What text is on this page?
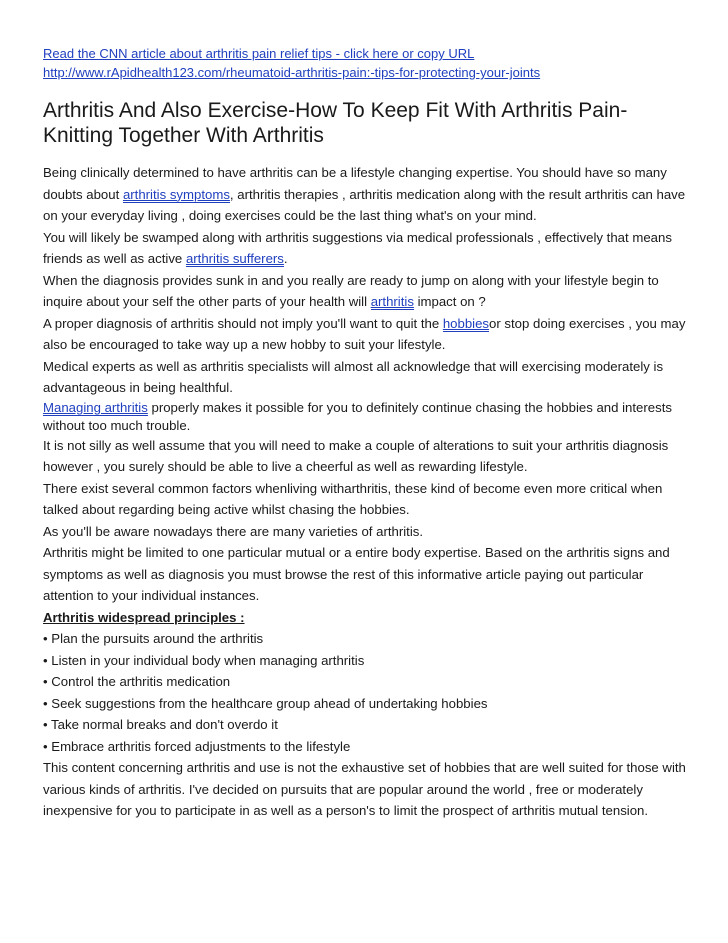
Read the CNN article about arthritis pain relief tips - click here or copy URL
http://www.rApidhealth123.com/rheumatoid-arthritis-pain:-tips-for-protecting-your-joints
Arthritis And Also Exercise-How To Keep Fit With Arthritis Pain-Knitting Together With Arthritis

Being clinically determined to have arthritis can be a lifestyle changing expertise. You should have so many doubts about arthritis symptoms, arthritis therapies , arthritis medication along with the result arthritis can have on your everyday living , doing exercises could be the last thing what's on your mind.

You will likely be swamped along with arthritis suggestions via medical professionals , effectively that means friends as well as active arthritis sufferers.

When the diagnosis provides sunk in and you really are ready to jump on along with your lifestyle begin to inquire about your self the other parts of your health will arthritis impact on ?

A proper diagnosis of arthritis should not imply you'll want to quit the hobbiesor stop doing exercises , you may also be encouraged to take way up a new hobby to suit your lifestyle.

Medical experts as well as arthritis specialists will almost all acknowledge that will exercising moderately is advantageous in being healthful.

Managing arthritis properly makes it possible for you to definitely continue chasing the hobbies and interests without too much trouble.

It is not silly as well assume that you will need to make a couple of alterations to suit your arthritis diagnosis however , you surely should be able to live a cheerful as well as rewarding lifestyle.

There exist several common factors whenliving witharthritis, these kind of become even more critical when talked about regarding being active whilst chasing the hobbies.

As you'll be aware nowadays there are many varieties of arthritis.

Arthritis might be limited to one particular mutual or a entire body expertise. Based on the arthritis signs and symptoms as well as diagnosis you must browse the rest of this informative article paying out particular attention to your individual instances.

Arthritis widespread principles :
• Plan the pursuits around the arthritis
• Listen in your individual body when managing arthritis
• Control the arthritis medication
• Seek suggestions from the healthcare group ahead of undertaking hobbies
• Take normal breaks and don't overdo it
• Embrace arthritis forced adjustments to the lifestyle

This content concerning arthritis and use is not the exhaustive set of hobbies that are well suited for those with various kinds of arthritis. I've decided on pursuits that are popular around the world , free or moderately inexpensive for you to participate in as well as a person's to limit the prospect of arthritis mutual tension.
